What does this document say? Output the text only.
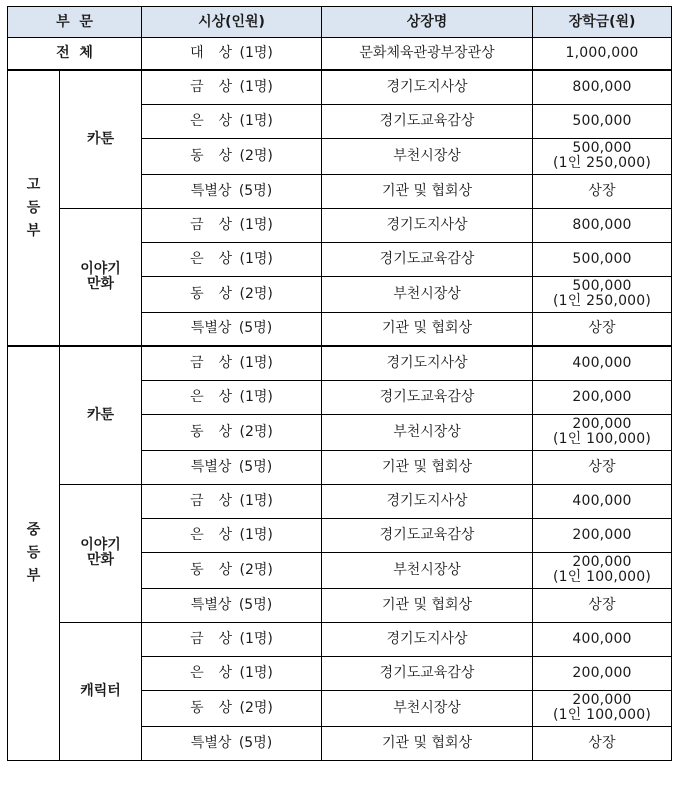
부  문		시상(인원)	상장명	장학금(원)
전  체		대  상 (1명)	문화체육관광부장관상	1,000,000

고
등
부	카툰	금  상 (1명)	경기도지사상	800,000

		은  상 (1명)	경기도교육감상	500,000

		동  상 (2명)	부천시장상	500,000
(1인 250,000)

		특별상 (5명)	기관 및 협회상	상장

	이야기
만화	금  상 (1명)	경기도지사상	800,000

		은  상 (1명)	경기도교육감상	500,000

		동  상 (2명)	부천시장상	500,000
(1인 250,000)

		특별상 (5명)	기관 및 협회상	상장

중
등
부	카툰	금  상 (1명)	경기도지사상	400,000

		은  상 (1명)	경기도교육감상	200,000

		동  상 (2명)	부천시장상	200,000
(1인 100,000)

		특별상 (5명)	기관 및 협회상	상장

	이야기
만화	금  상 (1명)	경기도지사상	400,000

		은  상 (1명)	경기도교육감상	200,000

		동  상 (2명)	부천시장상	200,000
(1인 100,000)

		특별상 (5명)	기관 및 협회상	상장

	캐릭터	금  상 (1명)	경기도지사상	400,000

		은  상 (1명)	경기도교육감상	200,000

		동  상 (2명)	부천시장상	200,000
(1인 100,000)

		특별상 (5명)	기관 및 협회상	상장
